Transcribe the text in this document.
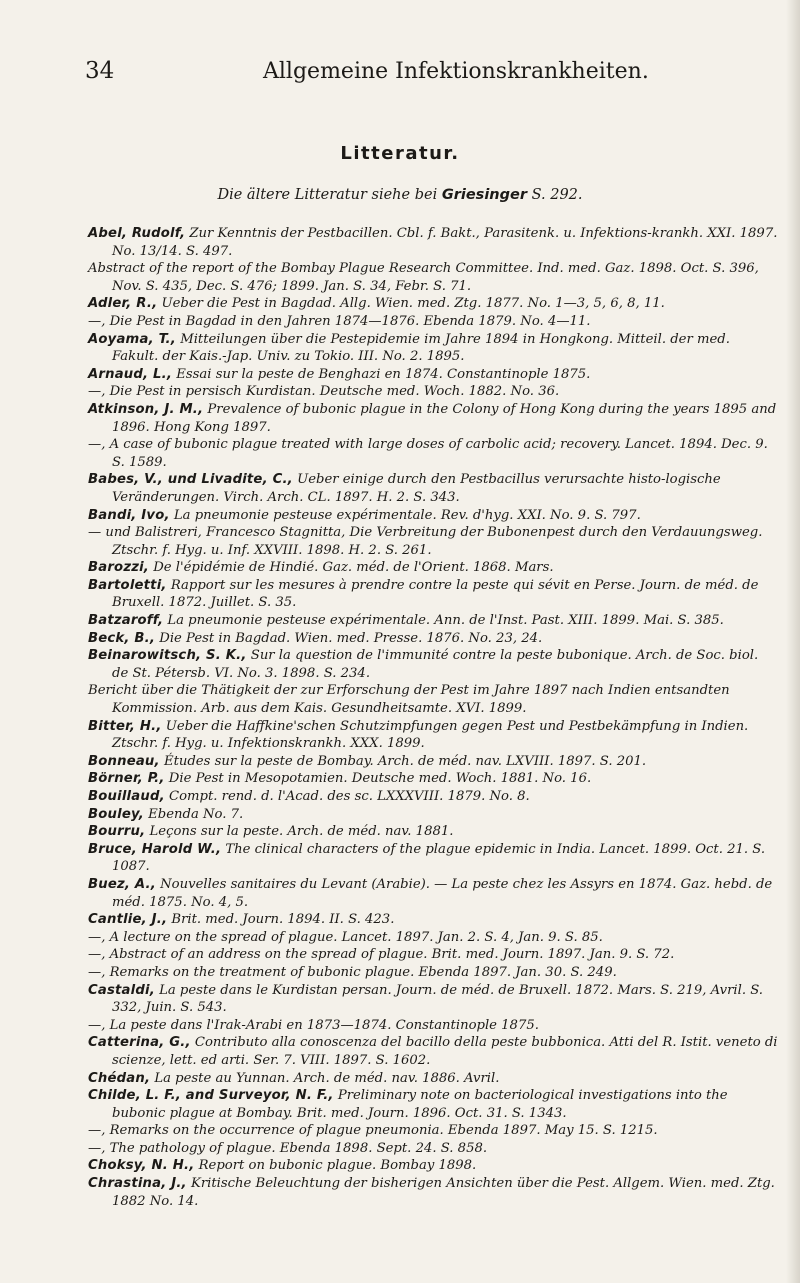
34	Allgemeine Infektionskrankheiten.
Litteratur.
Die ältere Litteratur siehe bei Griesinger S. 292.

Abel, Rudolf, Zur Kenntnis der Pestbacillen. Cbl. f. Bakt., Parasitenk. u. Infektions-krankh. XXI. 1897. No. 13/14. S. 497.

Abstract of the report of the Bombay Plague Research Committee. Ind. med. Gaz. 1898. Oct. S. 396, Nov. S. 435, Dec. S. 476; 1899. Jan. S. 34, Febr. S. 71.

Adler, R., Ueber die Pest in Bagdad. Allg. Wien. med. Ztg. 1877. No. 1—3, 5, 6, 8, 11.

—, Die Pest in Bagdad in den Jahren 1874—1876. Ebenda 1879. No. 4—11.

Aoyama, T., Mitteilungen über die Pestepidemie im Jahre 1894 in Hongkong. Mitteil. der med. Fakult. der Kais.-Jap. Univ. zu Tokio. III. No. 2. 1895.

Arnaud, L., Essai sur la peste de Benghazi en 1874. Constantinople 1875.

—, Die Pest in persisch Kurdistan. Deutsche med. Woch. 1882. No. 36.

Atkinson, J. M., Prevalence of bubonic plague in the Colony of Hong Kong during the years 1895 and 1896. Hong Kong 1897.

—, A case of bubonic plague treated with large doses of carbolic acid; recovery. Lancet. 1894. Dec. 9. S. 1589.

Babes, V., und Livadite, C., Ueber einige durch den Pestbacillus verursachte histo-logische Veränderungen. Virch. Arch. CL. 1897. H. 2. S. 343.

Bandi, Ivo, La pneumonie pesteuse expérimentale. Rev. d'hyg. XXI. No. 9. S. 797.

— und Balistreri, Francesco Stagnitta, Die Verbreitung der Bubonenpest durch den Verdauungsweg. Ztschr. f. Hyg. u. Inf. XXVIII. 1898. H. 2. S. 261.

Barozzi, De l'épidémie de Hindié. Gaz. méd. de l'Orient. 1868. Mars.

Bartoletti, Rapport sur les mesures à prendre contre la peste qui sévit en Perse. Journ. de méd. de Bruxell. 1872. Juillet. S. 35.

Batzaroff, La pneumonie pesteuse expérimentale. Ann. de l'Inst. Past. XIII. 1899. Mai. S. 385.

Beck, B., Die Pest in Bagdad. Wien. med. Presse. 1876. No. 23, 24.

Beinarowitsch, S. K., Sur la question de l'immunité contre la peste bubonique. Arch. de Soc. biol. de St. Pétersb. VI. No. 3. 1898. S. 234.

Bericht über die Thätigkeit der zur Erforschung der Pest im Jahre 1897 nach Indien entsandten Kommission. Arb. aus dem Kais. Gesundheitsamte. XVI. 1899.

Bitter, H., Ueber die Haffkine'schen Schutzimpfungen gegen Pest und Pestbekämpfung in Indien. Ztschr. f. Hyg. u. Infektionskrankh. XXX. 1899.

Bonneau, Études sur la peste de Bombay. Arch. de méd. nav. LXVIII. 1897. S. 201.

Börner, P., Die Pest in Mesopotamien. Deutsche med. Woch. 1881. No. 16.

Bouillaud, Compt. rend. d. l'Acad. des sc. LXXXVIII. 1879. No. 8.

Bouley, Ebenda No. 7.

Bourru, Leçons sur la peste. Arch. de méd. nav. 1881.

Bruce, Harold W., The clinical characters of the plague epidemic in India. Lancet. 1899. Oct. 21. S. 1087.

Buez, A., Nouvelles sanitaires du Levant (Arabie). — La peste chez les Assyrs en 1874. Gaz. hebd. de méd. 1875. No. 4, 5.

Cantlie, J., Brit. med. Journ. 1894. II. S. 423.

—, A lecture on the spread of plague. Lancet. 1897. Jan. 2. S. 4, Jan. 9. S. 85.

—, Abstract of an address on the spread of plague. Brit. med. Journ. 1897. Jan. 9. S. 72.

—, Remarks on the treatment of bubonic plague. Ebenda 1897. Jan. 30. S. 249.

Castaldi, La peste dans le Kurdistan persan. Journ. de méd. de Bruxell. 1872. Mars. S. 219, Avril. S. 332, Juin. S. 543.

—, La peste dans l'Irak-Arabi en 1873—1874. Constantinople 1875.

Catterina, G., Contributo alla conoscenza del bacillo della peste bubbonica. Atti del R. Istit. veneto di scienze, lett. ed arti. Ser. 7. VIII. 1897. S. 1602.

Chédan, La peste au Yunnan. Arch. de méd. nav. 1886. Avril.

Childe, L. F., and Surveyor, N. F., Preliminary note on bacteriological investigations into the bubonic plague at Bombay. Brit. med. Journ. 1896. Oct. 31. S. 1343.

—, Remarks on the occurrence of plague pneumonia. Ebenda 1897. May 15. S. 1215.

—, The pathology of plague. Ebenda 1898. Sept. 24. S. 858.

Choksy, N. H., Report on bubonic plague. Bombay 1898.

Chrastina, J., Kritische Beleuchtung der bisherigen Ansichten über die Pest. Allgem. Wien. med. Ztg. 1882 No. 14.
